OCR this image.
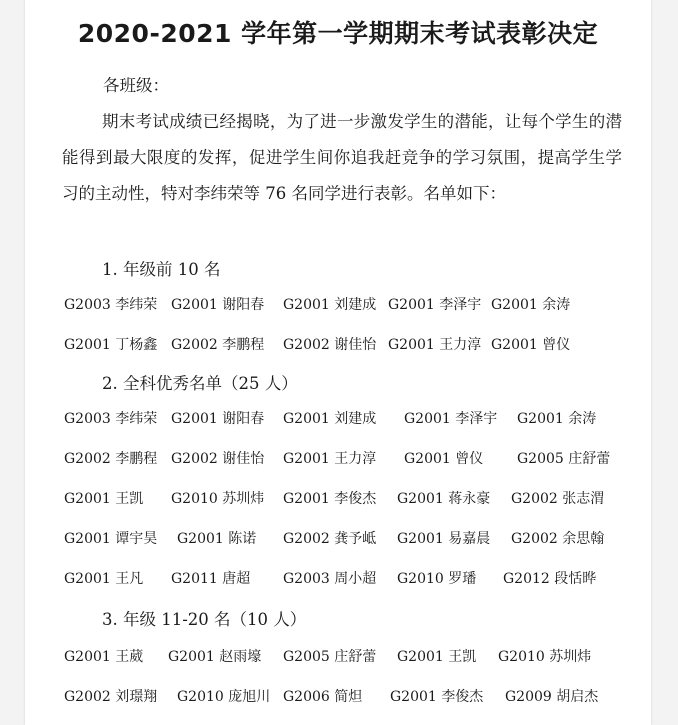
2020-2021 学年第一学期期末考试表彰决定
各班级：
期末考试成绩已经揭晓，为了进一步激发学生的潜能，让每个学生的潜能得到最大限度的发挥，促进学生间你追我赶竞争的学习氛围，提高学生学习的主动性，特对李纬荣等 76 名同学进行表彰。名单如下：
1. 年级前 10 名
G2003 李纬荣 G2001 谢阳春 G2001 刘建成 G2001 李泽宇 G2001 余涛
G2001 丁杨鑫 G2002 李鹏程 G2002 谢佳怡 G2001 王力淳 G2001 曾仪
2. 全科优秀名单（25 人）
G2003 李纬荣 G2001 谢阳春 G2001 刘建成 G2001 李泽宇 G2001 余涛
G2002 李鹏程 G2002 谢佳怡 G2001 王力淳 G2001 曾仪 G2005 庄舒蕾
G2001 王凯 G2010 苏圳炜 G2001 李俊杰 G2001 蒋永豪 G2002 张志渭
G2001 谭宇昊 G2001 陈诺 G2002 龚予岻 G2001 易嘉晨 G2002 余思翰
G2001 王凡 G2011 唐超 G2003 周小超 G2010 罗璠 G2012 段恬晔
3. 年级 11-20 名（10 人）
G2001 王葳 G2001 赵雨壕 G2005 庄舒蕾 G2001 王凯 G2010 苏圳炜
G2002 刘璟翔 G2010 庞旭川 G2006 简炟 G2001 李俊杰 G2009 胡启杰
